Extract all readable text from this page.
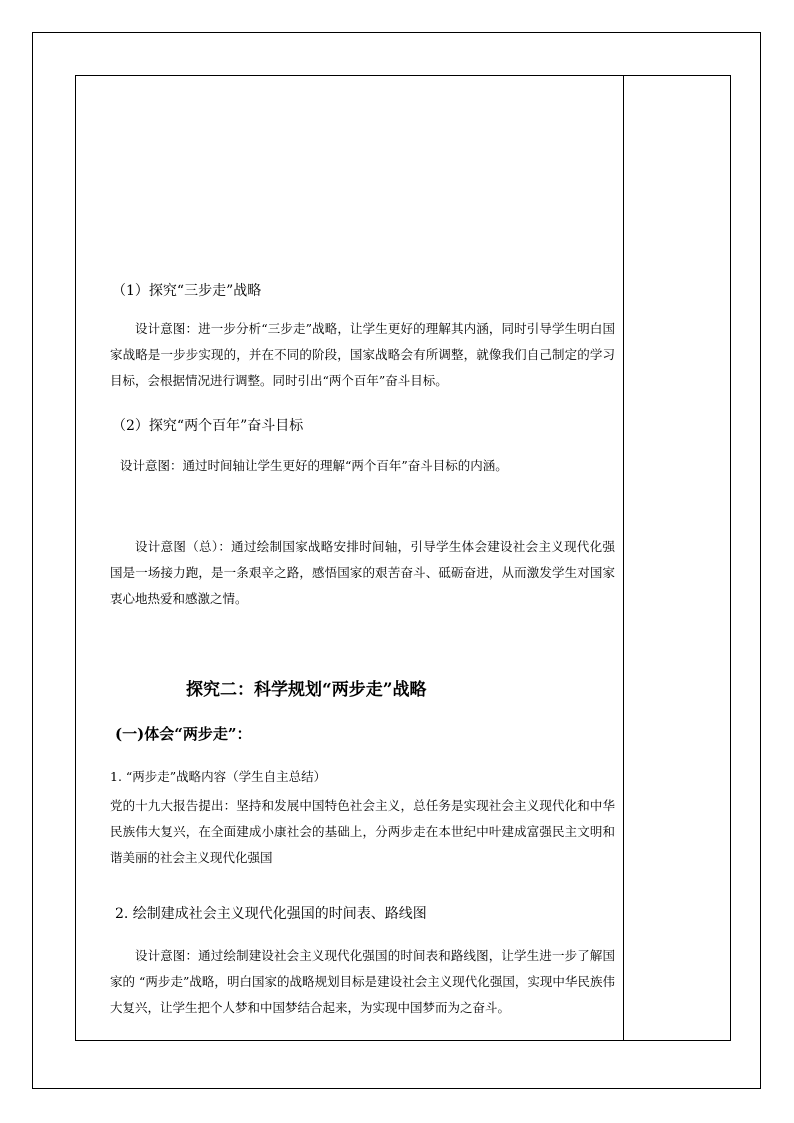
（1）探究“三步走”战略
设计意图：进一步分析“三步走”战略，让学生更好的理解其内涵，同时引导学生明白国家战略是一步步实现的，并在不同的阶段，国家战略会有所调整，就像我们自己制定的学习目标，会根据情况进行调整。同时引出“两个百年”奋斗目标。
（2）探究“两个百年”奋斗目标
设计意图：通过时间轴让学生更好的理解“两个百年”奋斗目标的内涵。
设计意图（总）：通过绘制国家战略安排时间轴，引导学生体会建设社会主义现代化强国是一场接力跑，是一条艰辛之路，感悟国家的艰苦奋斗、砥砺奋进，从而激发学生对国家衷心地热爱和感激之情。
探究二：科学规划“两步走”战略
(一)体会“两步走”：
1. “两步走”战略内容（学生自主总结）
党的十九大报告提出：坚持和发展中国特色社会主义，总任务是实现社会主义现代化和中华民族伟大复兴，在全面建成小康社会的基础上，分两步走在本世纪中叶建成富强民主文明和谐美丽的社会主义现代化强国
2. 绘制建成社会主义现代化强国的时间表、路线图
设计意图：通过绘制建设社会主义现代化强国的时间表和路线图，让学生进一步了解国家的 “两步走”战略，明白国家的战略规划目标是建设社会主义现代化强国，实现中华民族伟大复兴，让学生把个人梦和中国梦结合起来，为实现中国梦而为之奋斗。
